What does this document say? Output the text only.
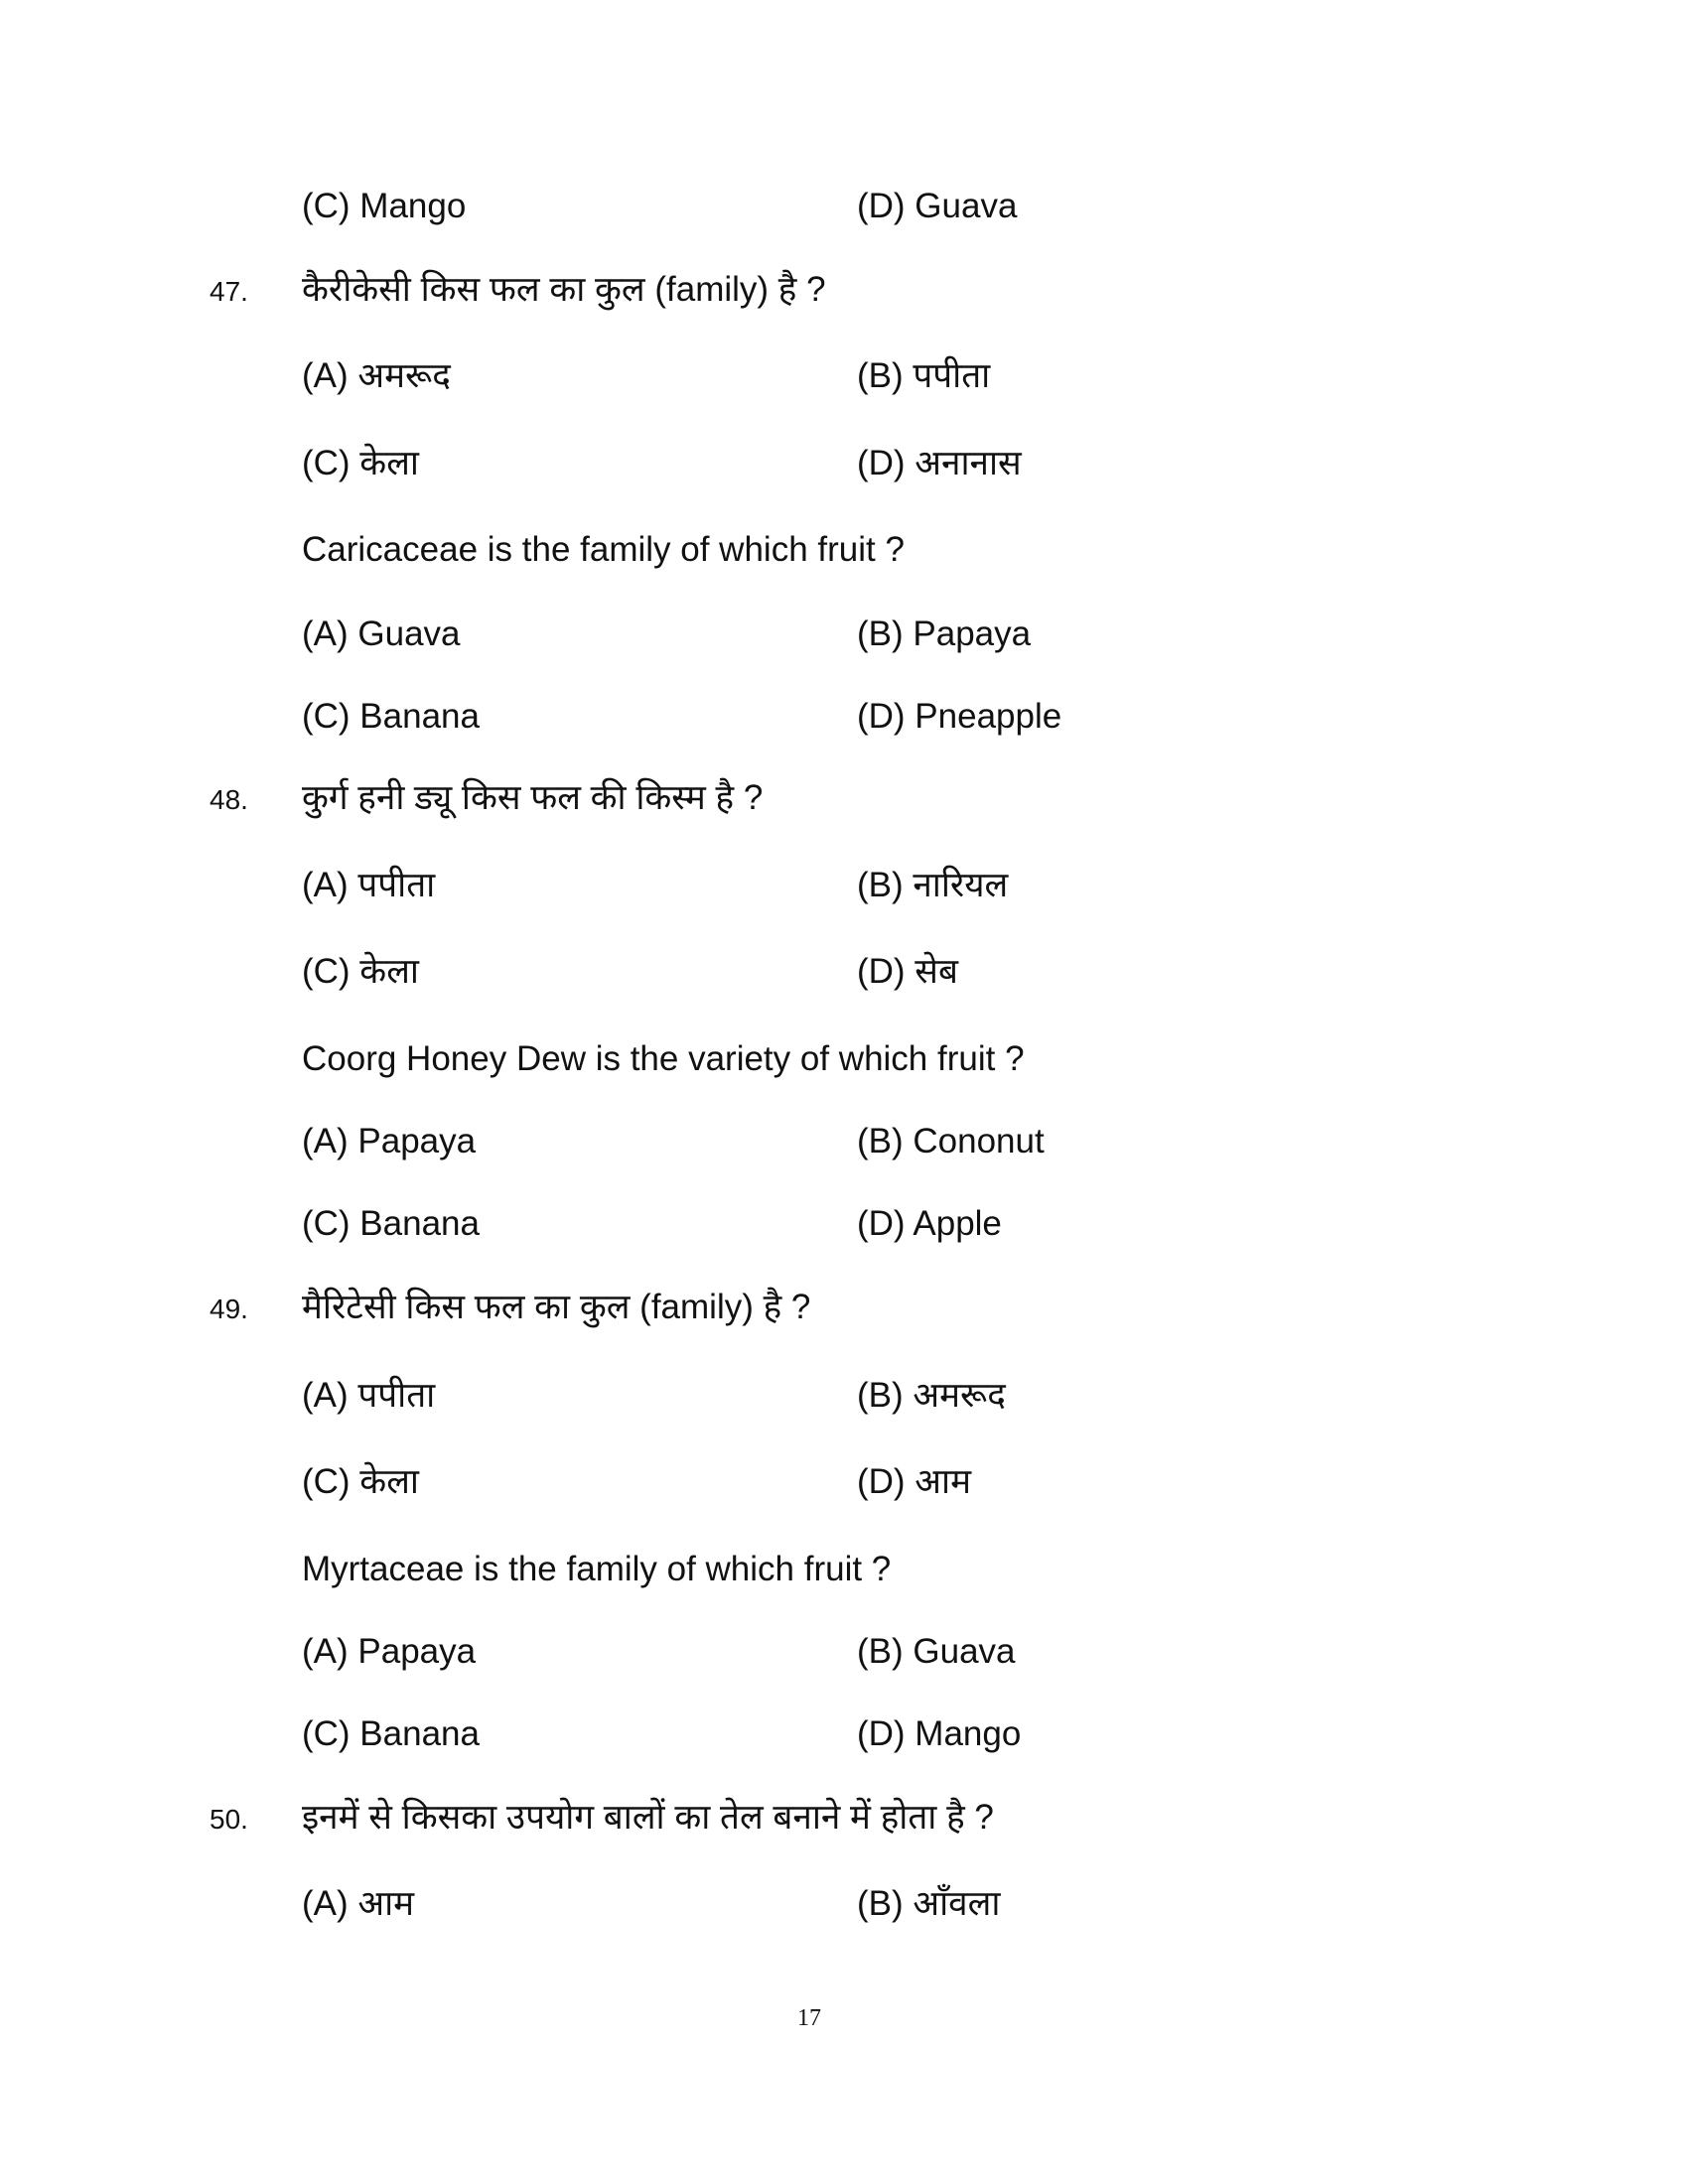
(C) Mango	(D) Guava
47. कैरीकेसी किस फल का कुल (family) है ?
(A) अमरूद	(B) पपीता
(C) केला	(D) अनानास
Caricaceae is the family of which fruit ?
(A) Guava	(B) Papaya
(C) Banana	(D) Pneapple
48. कुर्ग हनी ड्यू किस फल की किस्म है ?
(A) पपीता	(B) नारियल
(C) केला	(D) सेब
Coorg Honey Dew is the variety of which fruit ?
(A) Papaya	(B) Cononut
(C) Banana	(D) Apple
49. मैरिटेसी किस फल का कुल (family) है ?
(A) पपीता	(B) अमरूद
(C) केला	(D) आम
Myrtaceae is the family of which fruit ?
(A) Papaya	(B) Guava
(C) Banana	(D) Mango
50. इनमें से किसका उपयोग बालों का तेल बनाने में होता है ?
(A) आम	(B) आँवला
17
